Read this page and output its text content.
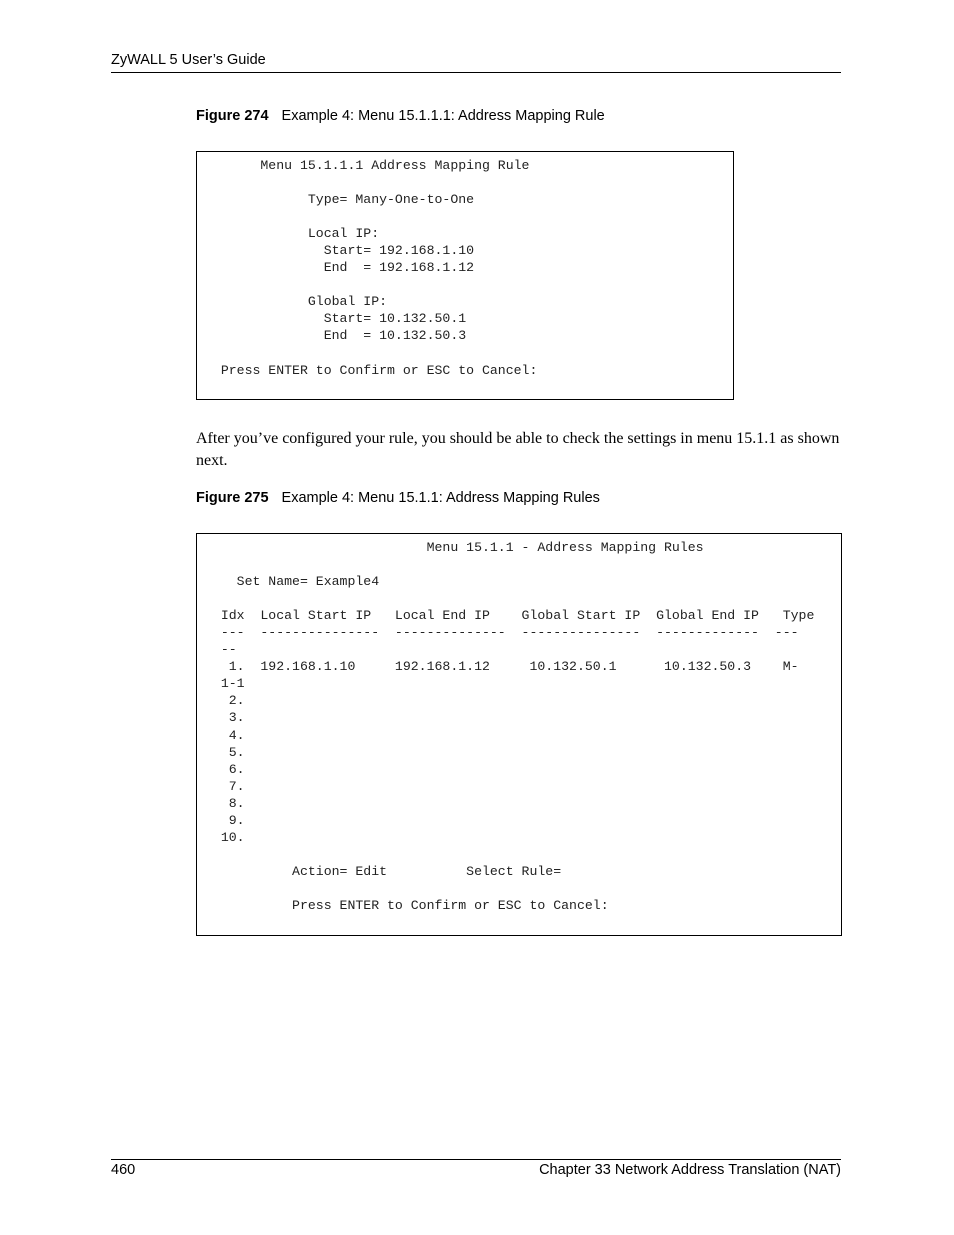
ZyWALL 5 User’s Guide
Figure 274 Example 4: Menu 15.1.1.1: Address Mapping Rule
Menu 15.1.1.1 Address Mapping Rule

Type= Many-One-to-One

Local IP:
Start= 192.168.1.10
End  = 192.168.1.12

Global IP:
Start= 10.132.50.1
End  = 10.132.50.3

Press ENTER to Confirm or ESC to Cancel:
After you’ve configured your rule, you should be able to check the settings in menu 15.1.1 as shown next.
Figure 275 Example 4: Menu 15.1.1: Address Mapping Rules
Menu 15.1.1 - Address Mapping Rules

Set Name= Example4

Idx  Local Start IP   Local End IP    Global Start IP  Global End IP   Type
---  ---------------  --------------  ---------------  -------------  ---
--
1.  192.168.1.10     192.168.1.12     10.132.50.1      10.132.50.3    M-
1-1
2.
3.
4.
5.
6.
7.
8.
9.
10.

Action= Edit          Select Rule=

Press ENTER to Confirm or ESC to Cancel:
460	Chapter 33 Network Address Translation (NAT)
